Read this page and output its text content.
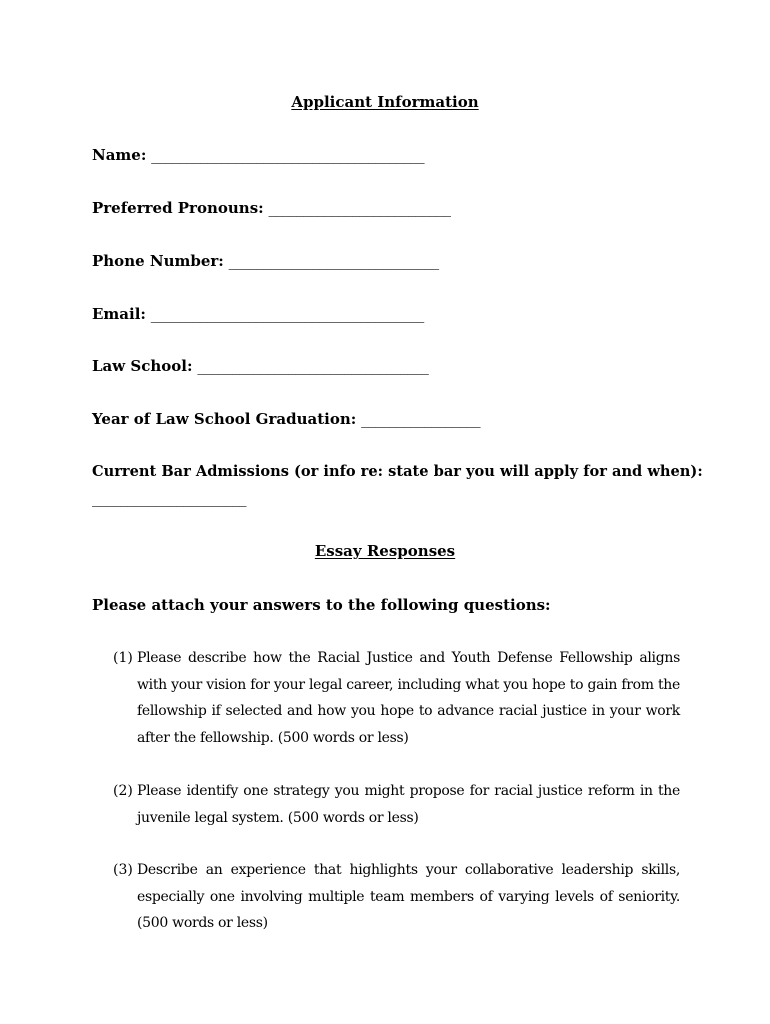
Applicant Information
Name: _______________________________________
Preferred Pronouns: __________________________
Phone Number: ______________________________
Email: _______________________________________
Law School: _________________________________
Year of Law School Graduation: _________________
Current Bar Admissions (or info re: state bar you will apply for and when):
______________________
Essay Responses
Please attach your answers to the following questions:
(1) Please describe how the Racial Justice and Youth Defense Fellowship aligns with your vision for your legal career, including what you hope to gain from the fellowship if selected and how you hope to advance racial justice in your work after the fellowship. (500 words or less)
(2) Please identify one strategy you might propose for racial justice reform in the juvenile legal system. (500 words or less)
(3) Describe an experience that highlights your collaborative leadership skills, especially one involving multiple team members of varying levels of seniority. (500 words or less)
